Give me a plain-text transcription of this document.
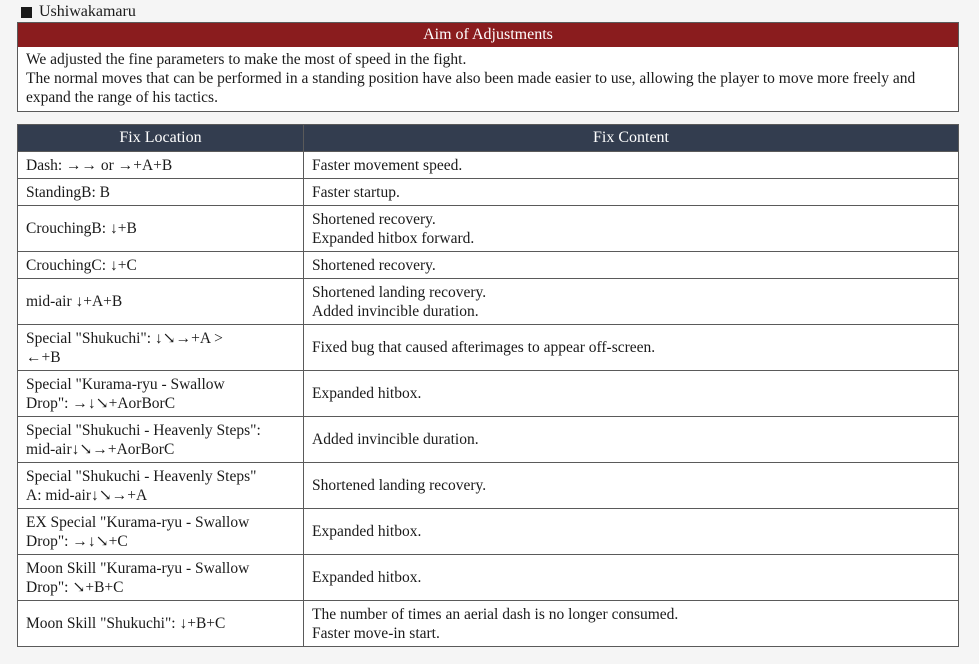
Ushiwakamaru
Aim of Adjustments

We adjusted the fine parameters to make the most of speed in the fight.

The normal moves that can be performed in a standing position have also been made easier to use, allowing the player to move more freely and expand the range of his tactics.

Fix Location	Fix Content

Dash: →→ or →+A+B	Faster movement speed.

StandingB: B	Faster startup.

CrouchingB: ↓+B	Shortened recovery.
Expanded hitbox forward.

CrouchingC: ↓+C	Shortened recovery.

mid-air ↓+A+B	Shortened landing recovery.
Added invincible duration.

Special "Shukuchi": ↓↘→+A >
←+B	Fixed bug that caused afterimages to appear off-screen.

Special "Kurama-ryu - Swallow
Drop": →↓↘+AorBorC	Expanded hitbox.

Special "Shukuchi - Heavenly Steps":
mid-air↓↘→+AorBorC	Added invincible duration.

Special "Shukuchi - Heavenly Steps"
A: mid-air↓↘→+A	Shortened landing recovery.

EX Special "Kurama-ryu - Swallow
Drop": →↓↘+C	Expanded hitbox.

Moon Skill "Kurama-ryu - Swallow
Drop": ↘+B+C	Expanded hitbox.

Moon Skill "Shukuchi": ↓+B+C	The number of times an aerial dash is no longer consumed.
Faster move-in start.
